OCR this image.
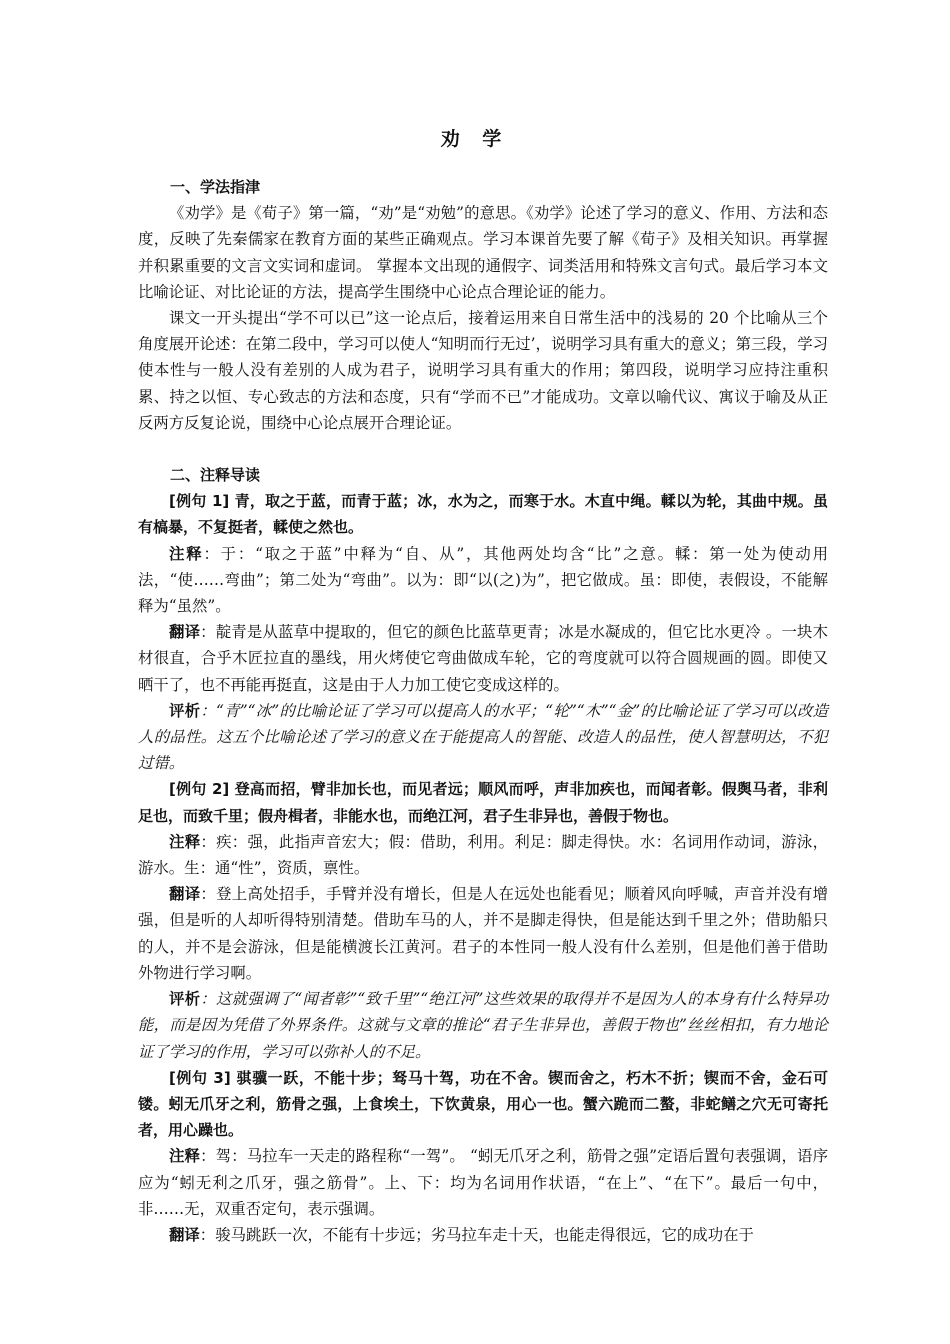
劝 学
一、学法指津

《劝学》是《荀子》第一篇，“劝”是“劝勉”的意思。《劝学》论述了学习的意义、作用、方法和态度，反映了先秦儒家在教育方面的某些正确观点。学习本课首先要了解《荀子》及相关知识。再掌握并积累重要的文言文实词和虚词。 掌握本文出现的通假字、词类活用和特殊文言句式。最后学习本文比喻论证、对比论证的方法，提高学生围绕中心论点合理论证的能力。

课文一开头提出“学不可以已”这一论点后，接着运用来自日常生活中的浅易的 20 个比喻从三个角度展开论述：在第二段中，学习可以使人“知明而行无过’，说明学习具有重大的意义；第三段，学习使本性与一般人没有差别的人成为君子，说明学习具有重大的作用；第四段，说明学习应持注重积累、持之以恒、专心致志的方法和态度，只有“学而不已”才能成功。文章以喻代议、寓议于喻及从正反两方反复论说，围绕中心论点展开合理论证。

二、注释导读

[例句 1] 青，取之于蓝，而青于蓝；冰，水为之，而寒于水。木直中绳。輮以为轮，其曲中规。虽有槁暴，不复挺者，輮使之然也。

注释：于：“取之于蓝”中释为“自、从”，其他两处均含“比”之意。輮：第一处为使动用法，“使……弯曲”；第二处为“弯曲”。以为：即“以(之)为”，把它做成。虽：即使，表假设，不能解释为“虽然”。

翻译：靛青是从蓝草中提取的，但它的颜色比蓝草更青；冰是水凝成的，但它比水更冷 。一块木材很直，合乎木匠拉直的墨线，用火烤使它弯曲做成车轮，它的弯度就可以符合圆规画的圆。即使又晒干了，也不再能再挺直，这是由于人力加工使它变成这样的。

评析：“青”“冰”的比喻论证了学习可以提高人的水平；“轮”“木”“金”的比喻论证了学习可以改造人的品性。这五个比喻论述了学习的意义在于能提高人的智能、改造人的品性，使人智慧明达，不犯过错。

[例句 2] 登高而招，臂非加长也，而见者远；顺风而呼，声非加疾也，而闻者彰。假舆马者，非利足也，而致千里；假舟楫者，非能水也，而绝江河，君子生非异也，善假于物也。

注释：疾：强，此指声音宏大；假：借助，利用。利足：脚走得快。水：名词用作动词，游泳，游水。生：通“性”，资质，禀性。

翻译：登上高处招手，手臂并没有增长，但是人在远处也能看见；顺着风向呼喊，声音并没有增强，但是听的人却听得特别清楚。借助车马的人，并不是脚走得快，但是能达到千里之外；借助船只的人，并不是会游泳，但是能横渡长江黄河。君子的本性同一般人没有什么差别，但是他们善于借助外物进行学习啊。

评析：这就强调了“闻者彰”“致千里”“绝江河”这些效果的取得并不是因为人的本身有什么特异功能，而是因为凭借了外界条件。这就与文章的推论“君子生非异也，善假于物也”丝丝相扣，有力地论证了学习的作用，学习可以弥补人的不足。

[例句 3] 骐骥一跃，不能十步；驽马十驾，功在不舍。锲而舍之，朽木不折；锲而不舍，金石可镂。蚓无爪牙之利，筋骨之强，上食埃土，下饮黄泉，用心一也。蟹六跪而二螯，非蛇鳝之穴无可寄托者，用心躁也。

注释：驾：马拉车一天走的路程称“一驾”。 “蚓无爪牙之利，筋骨之强”定语后置句表强调，语序应为“蚓无利之爪牙，强之筋骨”。上、下：均为名词用作状语，“在上”、“在下”。最后一句中，非……无，双重否定句，表示强调。

翻译：骏马跳跃一次，不能有十步远；劣马拉车走十天，也能走得很远，它的成功在于
